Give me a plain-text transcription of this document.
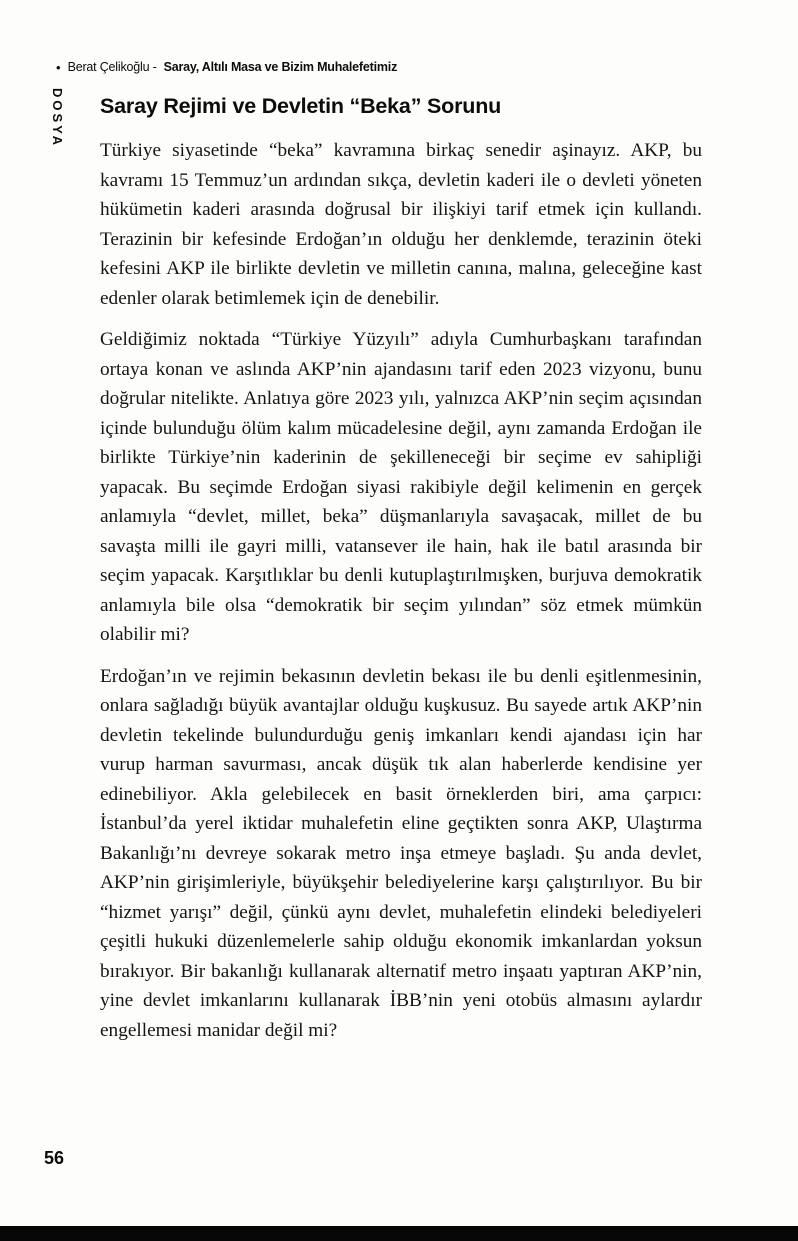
• Berat Çelikoğlu - Saray, Altılı Masa ve Bizim Muhalefetimiz
DOSYA Saray Rejimi ve Devletin “Beka” Sorunu

Türkiye siyasetinde “beka” kavramına birkaç senedir aşinayız. AKP, bu kavramı 15 Temmuz’un ardından sıkça, devletin kaderi ile o devleti yöneten hükümetin kaderi arasında doğrusal bir ilişkiyi tarif etmek için kullandı. Terazinin bir kefesinde Erdoğan’ın olduğu her denklemde, terazinin öteki kefesini AKP ile birlikte devletin ve milletin canına, malına, geleceğine kast edenler olarak betimlemek için de denebilir.

Geldiğimiz noktada “Türkiye Yüzyılı” adıyla Cumhurbaşkanı tarafından ortaya konan ve aslında AKP’nin ajandasını tarif eden 2023 vizyonu, bunu doğrular nitelikte. Anlatıya göre 2023 yılı, yalnızca AKP’nin seçim açısından içinde bulunduğu ölüm kalım mücadelesine değil, aynı zamanda Erdoğan ile birlikte Türkiye’nin kaderinin de şekilleneceği bir seçime ev sahipliği yapacak. Bu seçimde Erdoğan siyasi rakibiyle değil kelimenin en gerçek anlamıyla “devlet, millet, beka” düşmanlarıyla savaşacak, millet de bu savaşta milli ile gayri milli, vatansever ile hain, hak ile batıl arasında bir seçim yapacak. Karşıtlıklar bu denli kutuplaştırılmışken, burjuva demokratik anlamıyla bile olsa “demokratik bir seçim yılından” söz etmek mümkün olabilir mi?

Erdoğan’ın ve rejimin bekasının devletin bekası ile bu denli eşitlenmesinin, onlara sağladığı büyük avantajlar olduğu kuşkusuz. Bu sayede artık AKP’nin devletin tekelinde bulundurduğu geniş imkanları kendi ajandası için har vurup harman savurması, ancak düşük tık alan haberlerde kendisine yer edinebiliyor. Akla gelebilecek en basit örneklerden biri, ama çarpıcı: İstanbul’da yerel iktidar muhalefetin eline geçtikten sonra AKP, Ulaştırma Bakanlığı’nı devreye sokarak metro inşa etmeye başladı. Şu anda devlet, AKP’nin girişimleriyle, büyükşehir belediyelerine karşı çalıştırılıyor. Bu bir “hizmet yarışı” değil, çünkü aynı devlet, muhalefetin elindeki belediyeleri çeşitli hukuki düzenlemelerle sahip olduğu ekonomik imkanlardan yoksun bırakıyor. Bir bakanlığı kullanarak alternatif metro inşaatı yaptıran AKP’nin, yine devlet imkanlarını kullanarak İBB’nin yeni otobüs almasını aylardır engellemesi manidar değil mi?

56
